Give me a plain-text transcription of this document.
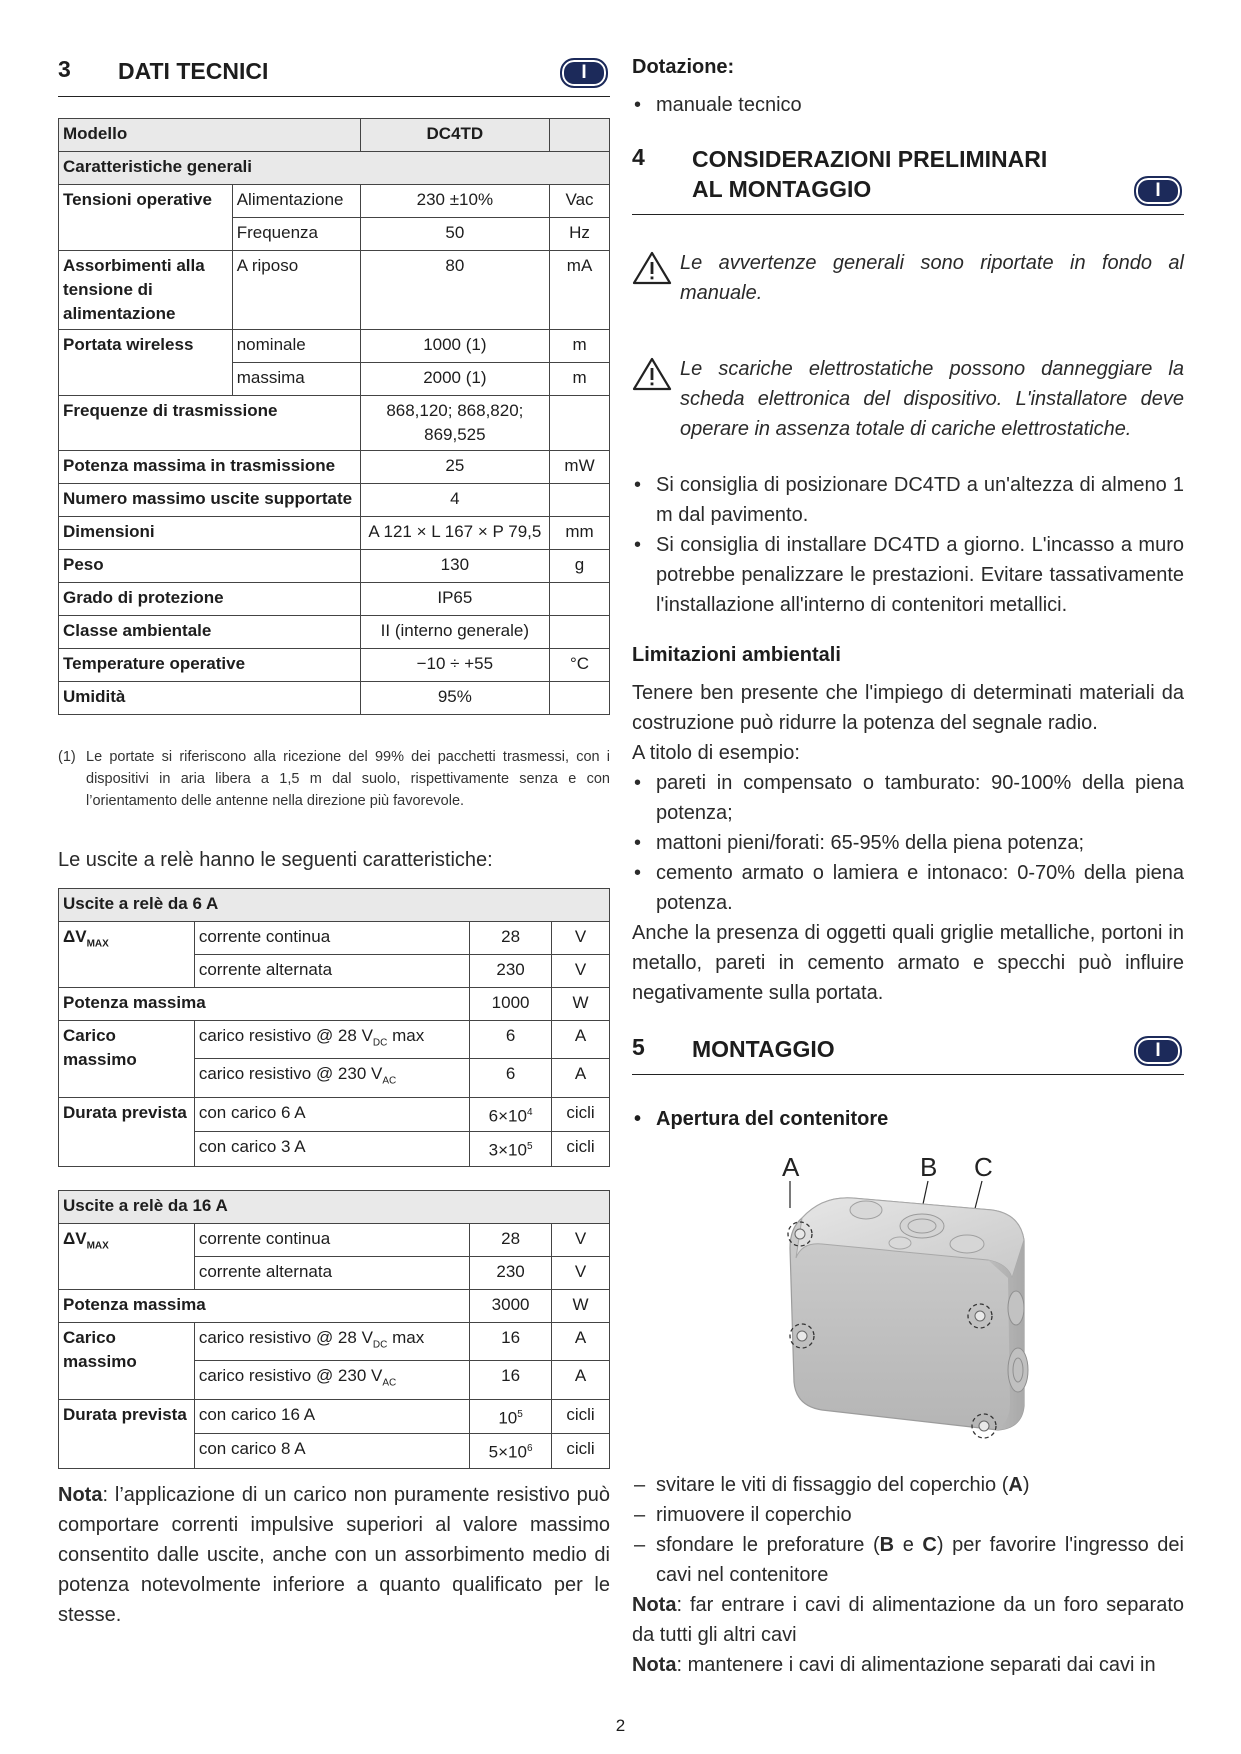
3 DATI TECNICI	I
Modello		DC4TD	
Caratteristiche generali			
Tensioni operative	Alimentazione	230 ±10%	Vac
	Frequenza	50	Hz
Assorbimenti alla tensione di alimentazione	A riposo	80	mA
Portata wireless	nominale	1000 (1)	m
	massima	2000 (1)	m
Frequenze di trasmissione		868,120; 868,820; 869,525	
Potenza massima in trasmissione		25	mW
Numero massimo uscite supportate		4	
Dimensioni		A 121 × L 167 × P 79,5	mm
Peso		130	g
Grado di protezione		IP65	
Classe ambientale		II (interno generale)	
Temperature operative		−10 ÷ +55	°C
Umidità		95%	
(1) Le portate si riferiscono alla ricezione del 99% dei pacchetti trasmessi, con i dispositivi in aria libera a 1,5 m dal suolo, rispettivamente senza e con l’orientamento delle antenne nella direzione più favorevole.
Le uscite a relè hanno le seguenti caratteristiche:
Uscite a relè da 6 A			
$\Delta V_{MAX}$	corrente continua	28	V
	corrente alternata	230	V
Potenza massima		1000	W
Carico massimo	carico resistivo @ 28 $V_{DC}$ max	6	A
	carico resistivo @ 230 $V_{AC}$	6	A
Durata prevista	con carico 6 A	$6\times 10^4$	cicli
	con carico 3 A	$3\times 10^5$	cicli
Uscite a relè da 16 A			
$\Delta V_{MAX}$	corrente continua	28	V
	corrente alternata	230	V
Potenza massima		3000	W
Carico massimo	carico resistivo @ 28 $V_{DC}$ max	16	A
	carico resistivo @ 230 $V_{AC}$	16	A
Durata prevista	con carico 16 A	$10^5$	cicli
	con carico 8 A	$5\times 10^6$	cicli
Nota: l’applicazione di un carico non puramente resistivo può comportare correnti impulsive superiori al valore massimo consentito dalle uscite, anche con un assorbimento medio di potenza notevolmente inferiore a quanto qualificato per le stesse.
Dotazione:
• manuale tecnico
4 CONSIDERAZIONI PRELIMINARI
AL MONTAGGIO	I
Le avvertenze generali sono riportate in fondo al manuale.
Le scariche elettrostatiche possono danneggiare la scheda elettronica del dispositivo. L'installatore deve operare in assenza totale di cariche elettrostatiche.
• Si consiglia di posizionare DC4TD a un'altezza di almeno 1 m dal pavimento.
• Si consiglia di installare DC4TD a giorno. L'incasso a muro potrebbe penalizzare le prestazioni. Evitare tassativamente l'installazione all'interno di contenitori metallici.
Limitazioni ambientali
Tenere ben presente che l'impiego di determinati materiali da costruzione può ridurre la potenza del segnale radio.
A titolo di esempio:
• pareti in compensato o tamburato: 90-100% della piena potenza;
• mattoni pieni/forati: 65-95% della piena potenza;
• cemento armato o lamiera e intonaco: 0-70% della piena potenza.
Anche la presenza di oggetti quali griglie metalliche, portoni in metallo, pareti in cemento armato e specchi può influire negativamente sulla portata.
5 MONTAGGIO	I
• Apertura del contenitore
A	B C
– svitare le viti di fissaggio del coperchio (A)
– rimuovere il coperchio
– sfondare le preforature (B e C) per favorire l'ingresso dei cavi nel contenitore
Nota: far entrare i cavi di alimentazione da un foro separato da tutti gli altri cavi
Nota: mantenere i cavi di alimentazione separati dai cavi in
2
